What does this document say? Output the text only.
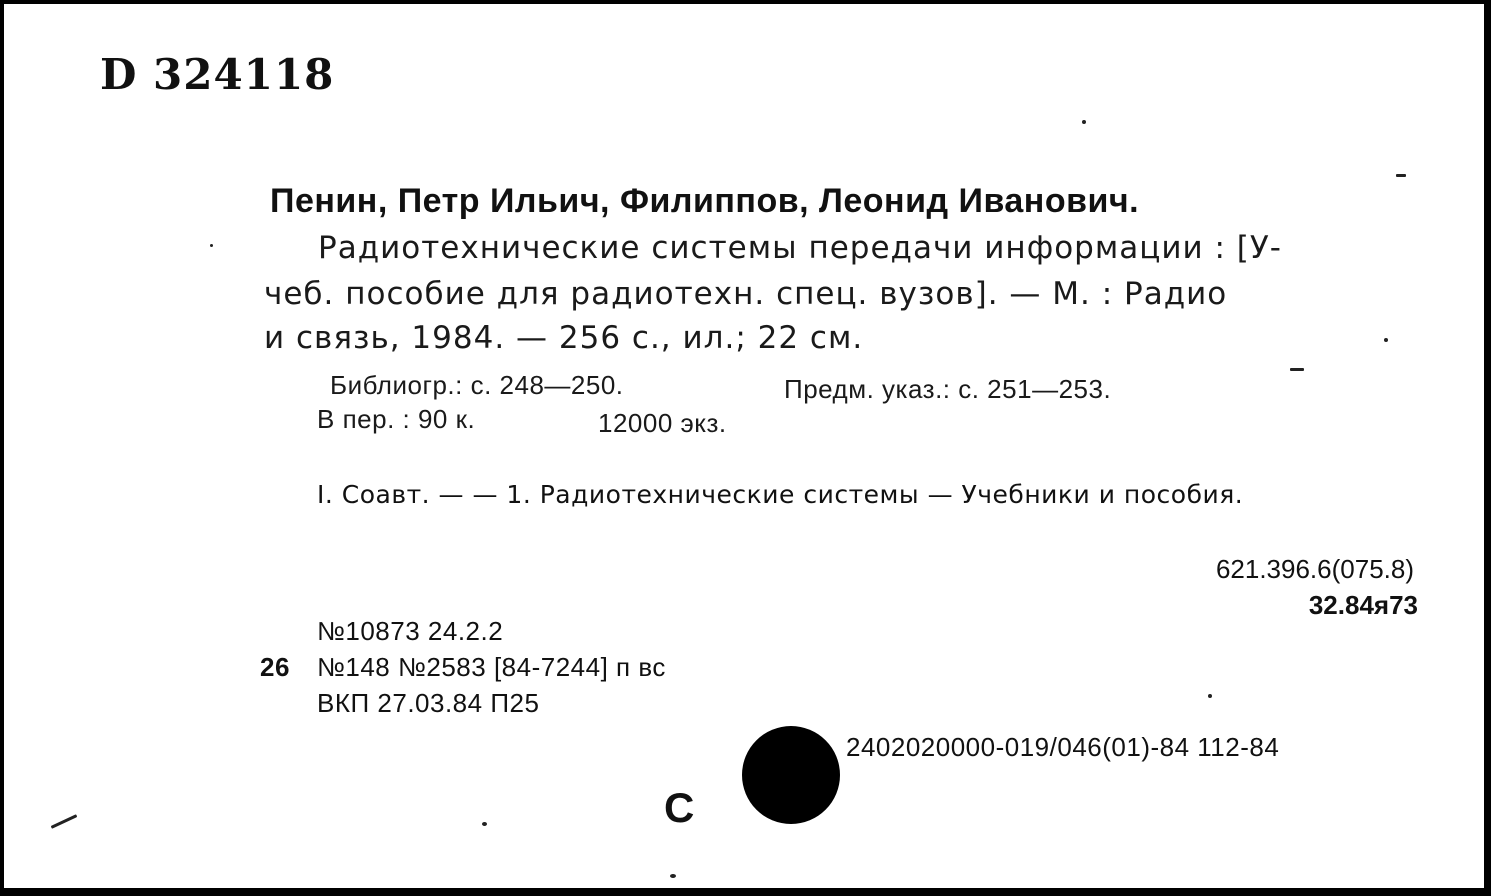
D 324118
Пенин, Петр Ильич, Филиппов, Леонид Иванович.
Радиотехнические системы передачи информации : [У-
чеб. пособие для радиотехн. спец. вузов]. — М. : Радио
и связь, 1984. — 256 с., ил.; 22 см.
Библиогр.: с. 248—250.	Предм. указ.: с. 251—253.
В пер. : 90 к.	12000 экз.
I. Соавт. — — 1. Радиотехнические системы — Учебники и пособия.
621.396.6(075.8)
32.84я73
№10873 24.2.2
26 №148 №2583 [84-7244] п вс
ВКП 27.03.84 П25
2402020000-019/046(01)-84 112-84
С
